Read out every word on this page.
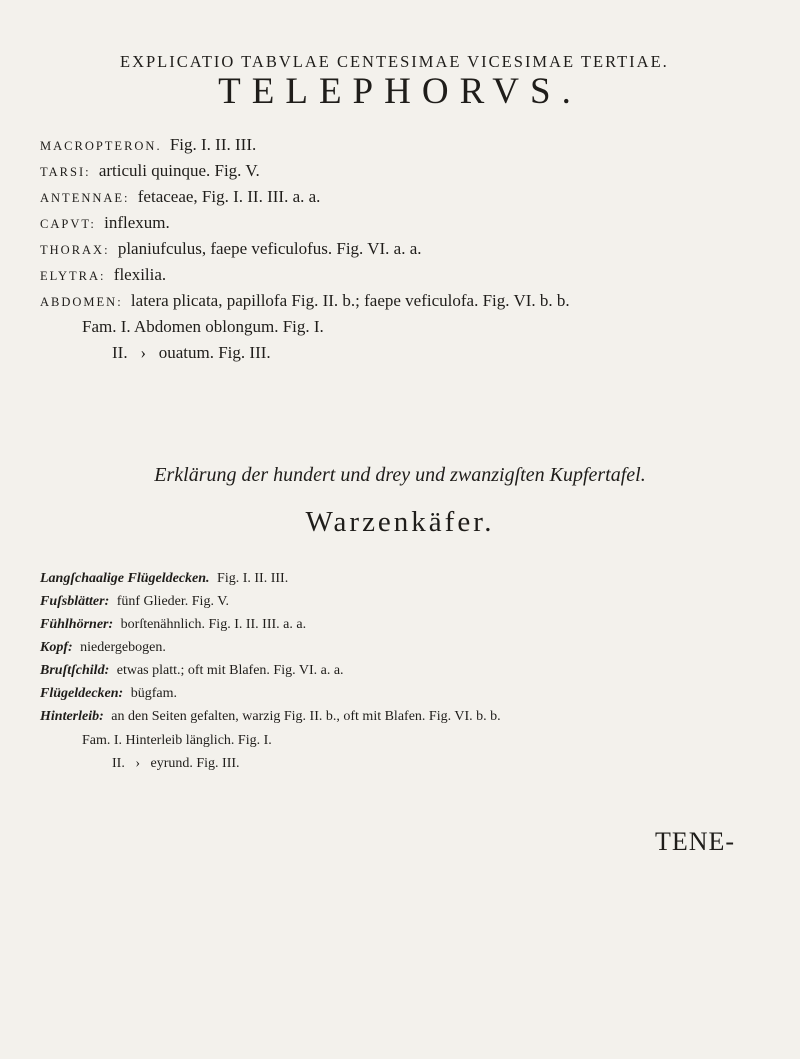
EXPLICATIO TABVLAE CENTESIMAE VICESIMAE TERTIAE.
TELEPHORVS.
MACROPTERON. Fig. I. II. III.
TARSI: articuli quinque. Fig. V.
ANTENNAE: fetaceae, Fig. I. II. III. a. a.
CAPVT: inflexum.
THORAX: planiufculus, faepe veficulofus. Fig. VI. a. a.
ELYTRA: flexilia.
ABDOMEN: latera plicata, papillofa Fig. II. b.; faepe veficulofa. Fig. VI. b. b.
Fam. I. Abdomen oblongum. Fig. I.
II.   ›   ouatum. Fig. III.
Erklärung der hundert und drey und zwanzigſten Kupfertafel.
Warzenkäfer.
Langſchaalige Flügeldecken. Fig. I. II. III.
Fuſsblätter: fünf Glieder. Fig. V.
Fühlhörner: borſtenähnlich. Fig. I. II. III. a. a.
Kopf: niedergebogen.
Bruſtſchild: etwas platt.; oft mit Blafen. Fig. VI. a. a.
Flügeldecken: bügfam.
Hinterleib: an den Seiten gefalten, warzig Fig. II. b., oft mit Blafen. Fig. VI. b. b.
Fam. I. Hinterleib länglich. Fig. I.
II.   ›   eyrund. Fig. III.
TENE-
